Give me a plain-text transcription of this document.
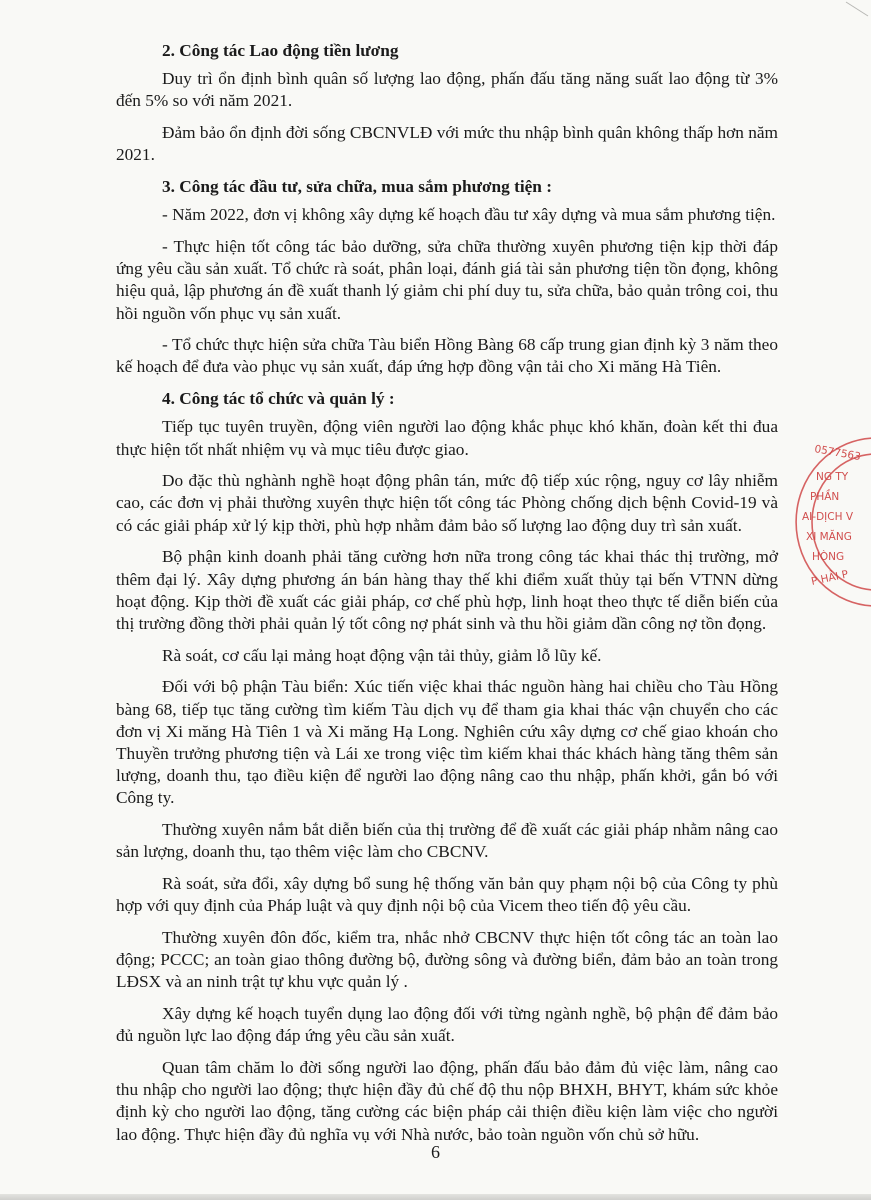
2. Công tác Lao động tiền lương

Duy trì ổn định bình quân số lượng lao động, phấn đấu tăng năng suất lao động từ 3% đến 5% so với năm 2021.

Đảm bảo ổn định đời sống CBCNVLĐ với mức thu nhập bình quân không thấp hơn năm 2021.

3. Công tác đầu tư, sửa chữa, mua sắm phương tiện :

- Năm 2022, đơn vị không xây dựng kế hoạch đầu tư xây dựng và mua sắm phương tiện.

- Thực hiện tốt công tác bảo dưỡng, sửa chữa thường xuyên phương tiện kịp thời đáp ứng yêu cầu sản xuất. Tổ chức rà soát, phân loại, đánh giá tài sản phương tiện tồn đọng, không hiệu quả, lập phương án đề xuất thanh lý giảm chi phí duy tu, sửa chữa, bảo quản trông coi, thu hồi nguồn vốn phục vụ sản xuất.

- Tổ chức thực hiện sửa chữa Tàu biển Hồng Bàng 68 cấp trung gian định kỳ 3 năm theo kế hoạch để đưa vào phục vụ sản xuất, đáp ứng hợp đồng vận tải cho Xi măng Hà Tiên.

4. Công tác tổ chức và quản lý :

Tiếp tục tuyên truyền, động viên người lao động khắc phục khó khăn, đoàn kết thi đua thực hiện tốt nhất nhiệm vụ và mục tiêu được giao.

Do đặc thù nghành nghề hoạt động phân tán, mức độ tiếp xúc rộng, nguy cơ lây nhiễm cao, các đơn vị phải thường xuyên thực hiện tốt công tác Phòng chống dịch bệnh Covid-19 và có các giải pháp xử lý kịp thời, phù hợp nhằm đảm bảo số lượng lao động duy trì sản xuất.

Bộ phận kinh doanh phải tăng cường hơn nữa trong công tác khai thác thị trường, mở thêm đại lý. Xây dựng phương án bán hàng thay thế khi điểm xuất thủy tại bến VTNN dừng hoạt động. Kịp thời đề xuất các giải pháp, cơ chế phù hợp, linh hoạt theo thực tế diễn biến của thị trường đồng thời phải quản lý tốt công nợ phát sinh và thu hồi giảm dần công nợ tồn đọng.

Rà soát, cơ cấu lại mảng hoạt động vận tải thủy, giảm lỗ lũy kế.

Đối với bộ phận Tàu biển: Xúc tiến việc khai thác nguồn hàng hai chiều cho Tàu Hồng bàng 68, tiếp tục tăng cường tìm kiếm Tàu dịch vụ để tham gia khai thác vận chuyển cho các đơn vị Xi măng Hà Tiên 1 và Xi măng Hạ Long. Nghiên cứu xây dựng cơ chế giao khoán cho Thuyền trưởng phương tiện và Lái xe trong việc tìm kiếm khai thác khách hàng tăng thêm sản lượng, doanh thu, tạo điều kiện để người lao động nâng cao thu nhập, phấn khởi, gắn bó với Công ty.

Thường xuyên nắm bắt diễn biến của thị trường để đề xuất các giải pháp nhằm nâng cao sản lượng, doanh thu, tạo thêm việc làm cho CBCNV.

Rà soát, sửa đổi, xây dựng bổ sung hệ thống văn bản quy phạm nội bộ của Công ty phù hợp với quy định của Pháp luật và quy định nội bộ của Vicem theo tiến độ yêu cầu.

Thường xuyên đôn đốc, kiểm tra, nhắc nhở CBCNV thực hiện tốt công tác an toàn lao động; PCCC; an toàn giao thông đường bộ, đường sông và đường biển, đảm bảo an toàn trong LĐSX và an ninh trật tự khu vực quản lý .

Xây dựng kế hoạch tuyển dụng lao động đối với từng ngành nghề, bộ phận để đảm bảo đủ nguồn lực lao động đáp ứng yêu cầu sản xuất.

Quan tâm chăm lo đời sống người lao động, phấn đấu bảo đảm đủ việc làm, nâng cao thu nhập cho người lao động; thực hiện đầy đủ chế độ thu nộp BHXH, BHYT, khám sức khỏe định kỳ cho người lao động, tăng cường các biện pháp cải thiện điều kiện làm việc cho người lao động. Thực hiện đầy đủ nghĩa vụ với Nhà nước, bảo toàn nguồn vốn chủ sở hữu.

0577563
NG TY
PHẦN
AI-DỊCH V
XI MĂNG
HÒNG
P HẢI P
6
